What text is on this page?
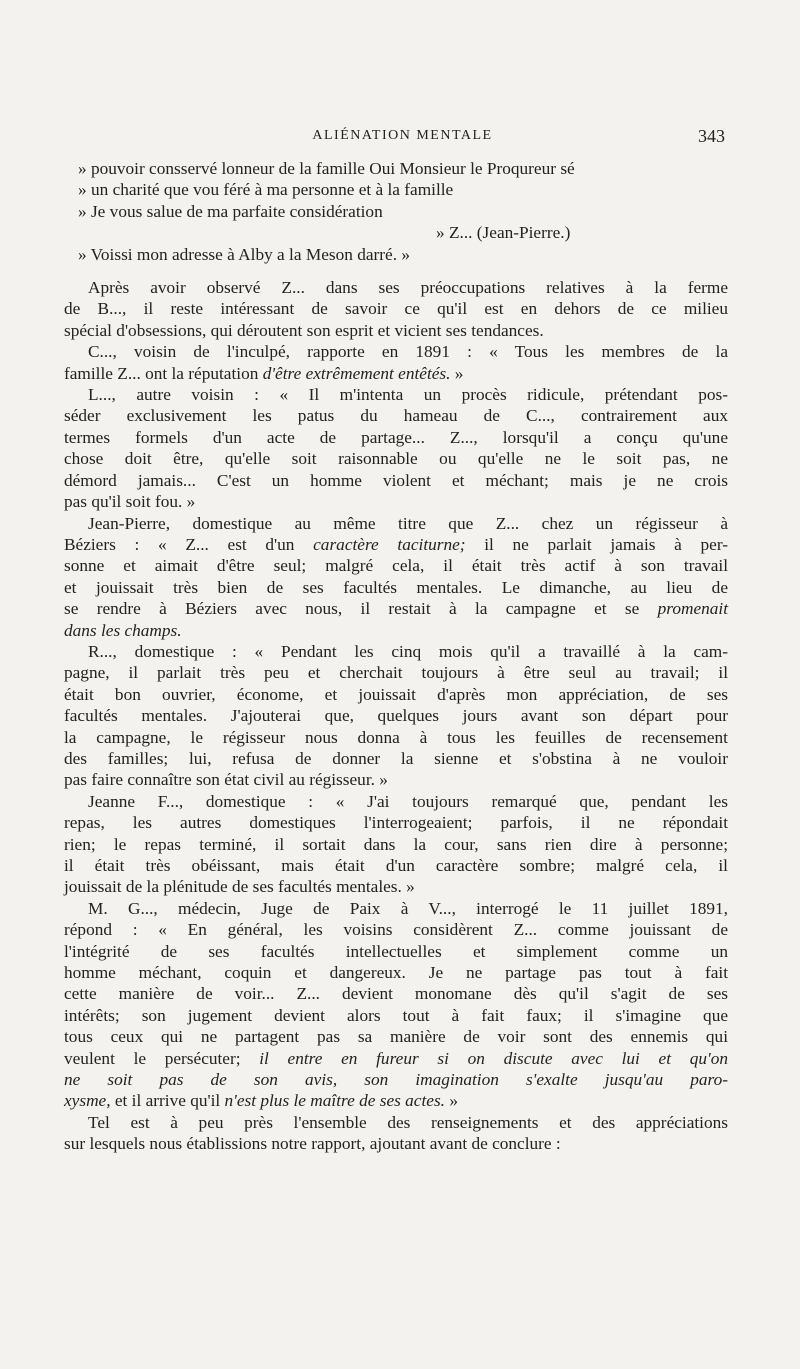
ALIÉNATION MENTALE	343
» pouvoir consservé lonneur de la famille Oui Monsieur le Proqureur sé
» un charité que vou féré à ma personne et à la famille
» Je vous salue de ma parfaite considération
» Z... (Jean-Pierre.)
» Voissi mon adresse à Alby a la Meson darré. »
Après avoir observé Z... dans ses préoccupations relatives à la ferme
de B..., il reste intéressant de savoir ce qu'il est en dehors de ce milieu
spécial d'obsessions, qui déroutent son esprit et vicient ses tendances.
C..., voisin de l'inculpé, rapporte en 1891 : « Tous les membres de la
famille Z... ont la réputation d'être extrêmement entêtés. »
L..., autre voisin : « Il m'intenta un procès ridicule, prétendant pos-
séder exclusivement les patus du hameau de C..., contrairement aux
termes formels d'un acte de partage... Z..., lorsqu'il a conçu qu'une
chose doit être, qu'elle soit raisonnable ou qu'elle ne le soit pas, ne
démord jamais... C'est un homme violent et méchant; mais je ne crois
pas qu'il soit fou. »
Jean-Pierre, domestique au même titre que Z... chez un régisseur à
Béziers : « Z... est d'un caractère taciturne; il ne parlait jamais à per-
sonne et aimait d'être seul; malgré cela, il était très actif à son travail
et jouissait très bien de ses facultés mentales. Le dimanche, au lieu de
se rendre à Béziers avec nous, il restait à la campagne et se promenait
dans les champs.
R..., domestique : « Pendant les cinq mois qu'il a travaillé à la cam-
pagne, il parlait très peu et cherchait toujours à être seul au travail; il
était bon ouvrier, économe, et jouissait d'après mon appréciation, de ses
facultés mentales. J'ajouterai que, quelques jours avant son départ pour
la campagne, le régisseur nous donna à tous les feuilles de recensement
des familles; lui, refusa de donner la sienne et s'obstina à ne vouloir
pas faire connaître son état civil au régisseur. »
Jeanne F..., domestique : « J'ai toujours remarqué que, pendant les
repas, les autres domestiques l'interrogeaient; parfois, il ne répondait
rien; le repas terminé, il sortait dans la cour, sans rien dire à personne;
il était très obéissant, mais était d'un caractère sombre; malgré cela, il
jouissait de la plénitude de ses facultés mentales. »
M. G..., médecin, Juge de Paix à V..., interrogé le 11 juillet 1891,
répond : « En général, les voisins considèrent Z... comme jouissant de
l'intégrité de ses facultés intellectuelles et simplement comme un
homme méchant, coquin et dangereux. Je ne partage pas tout à fait
cette manière de voir... Z... devient monomane dès qu'il s'agit de ses
intérêts; son jugement devient alors tout à fait faux; il s'imagine que
tous ceux qui ne partagent pas sa manière de voir sont des ennemis qui
veulent le persécuter; il entre en fureur si on discute avec lui et qu'on
ne soit pas de son avis, son imagination s'exalte jusqu'au paro-
xysme, et il arrive qu'il n'est plus le maître de ses actes. »
Tel est à peu près l'ensemble des renseignements et des appréciations
sur lesquels nous établissions notre rapport, ajoutant avant de conclure :
